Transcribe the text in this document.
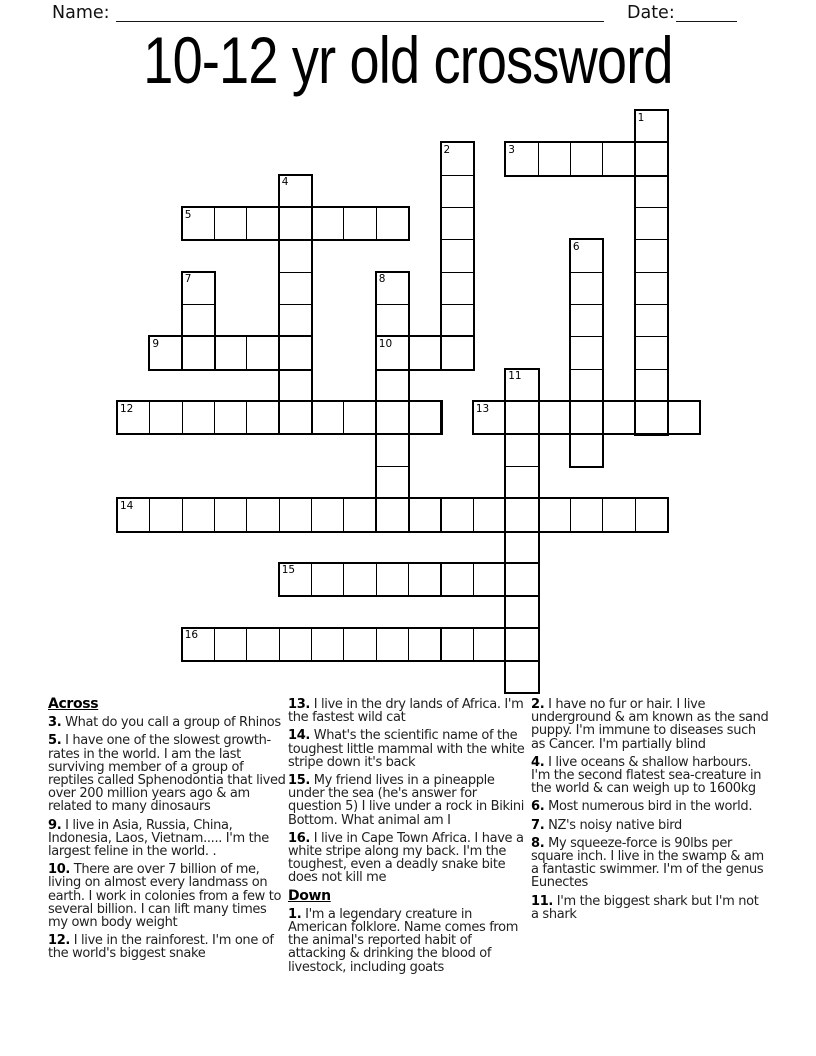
Name:	Date:
10-12 yr old crossword
1
2	3
4
5
6
7	8
9	10
11
12	13
14
15
16

Across

3. What do you call a group of Rhinos

5. I have one of the slowest growth-rates in the world. I am the last surviving member of a group of reptiles called Sphenodontia that lived over 200 million years ago & am related to many dinosaurs

9. I live in Asia, Russia, China, Indonesia, Laos, Vietnam..... I'm the largest feline in the world. .

10. There are over 7 billion of me, living on almost every landmass on earth. I work in colonies from a few to several billion. I can lift many times my own body weight

12. I live in the rainforest. I'm one of the world's biggest snake

13. I live in the dry lands of Africa. I'm the fastest wild cat

14. What's the scientific name of the toughest little mammal with the white stripe down it's back

15. My friend lives in a pineapple under the sea (he's answer for question 5) I live under a rock in Bikini Bottom. What animal am I

16. I live in Cape Town Africa. I have a white stripe along my back. I'm the toughest, even a deadly snake bite does not kill me

Down

1. I'm a legendary creature in American folklore. Name comes from the animal's reported habit of attacking & drinking the blood of livestock, including goats

2. I have no fur or hair. I live underground & am known as the sand puppy. I'm immune to diseases such as Cancer. I'm partially blind

4. I live oceans & shallow harbours. I'm the second flatest sea-creature in the world & can weigh up to 1600kg

6. Most numerous bird in the world.

7. NZ's noisy native bird

8. My squeeze-force is 90lbs per square inch. I live in the swamp & am a fantastic swimmer. I'm of the genus Eunectes

11. I'm the biggest shark but I'm not a shark
